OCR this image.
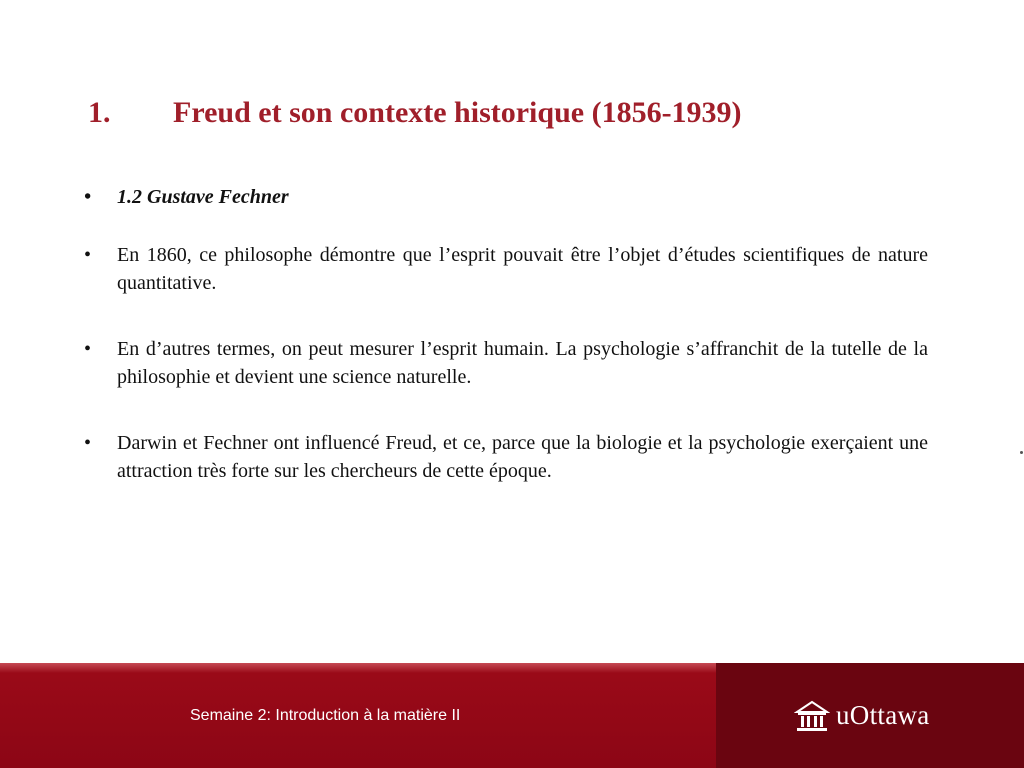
1.	Freud et son contexte historique (1856-1939)
• 1.2 Gustave Fechner
• En 1860, ce philosophe démontre que l’esprit pouvait être l’objet d’études scientifiques de nature quantitative.
• En d’autres termes, on peut mesurer l’esprit humain. La psychologie s’affranchit de la tutelle de la philosophie et devient une science naturelle.
• Darwin et Fechner ont influencé Freud, et ce, parce que la biologie et la psychologie exerçaient une attraction très forte sur les chercheurs de cette époque.
Semaine 2: Introduction à la matière II	uOttawa
